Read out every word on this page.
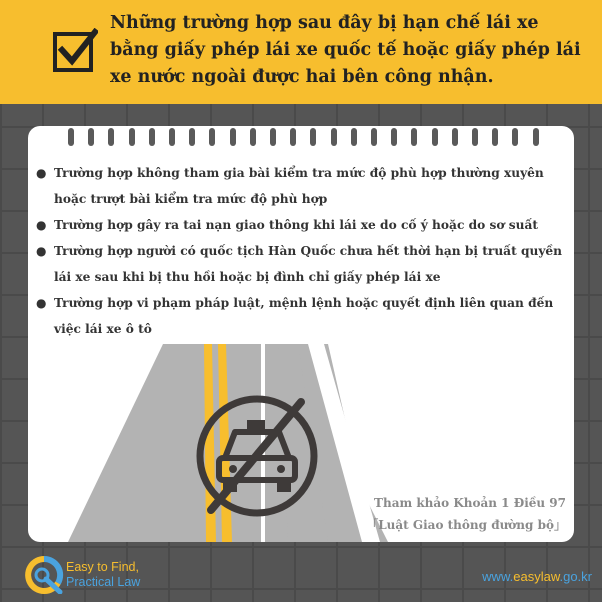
Những trường hợp sau đây bị hạn chế lái xe bằng giấy phép lái xe quốc tế hoặc giấy phép lái xe nước ngoài được hai bên công nhận.

● Trường hợp không tham gia bài kiểm tra mức độ phù hợp thường xuyên hoặc trượt bài kiểm tra mức độ phù hợp
● Trường hợp gây ra tai nạn giao thông khi lái xe do cố ý hoặc do sơ suất
● Trường hợp người có quốc tịch Hàn Quốc chưa hết thời hạn bị truất quyền lái xe sau khi bị thu hồi hoặc bị đình chỉ giấy phép lái xe
● Trường hợp vi phạm pháp luật, mệnh lệnh hoặc quyết định liên quan đến việc lái xe ô tô
Tham khảo Khoản 1 Điều 97
「Luật Giao thông đường bộ」
Easy to Find,
Practical Law	www.easylaw.go.kr
